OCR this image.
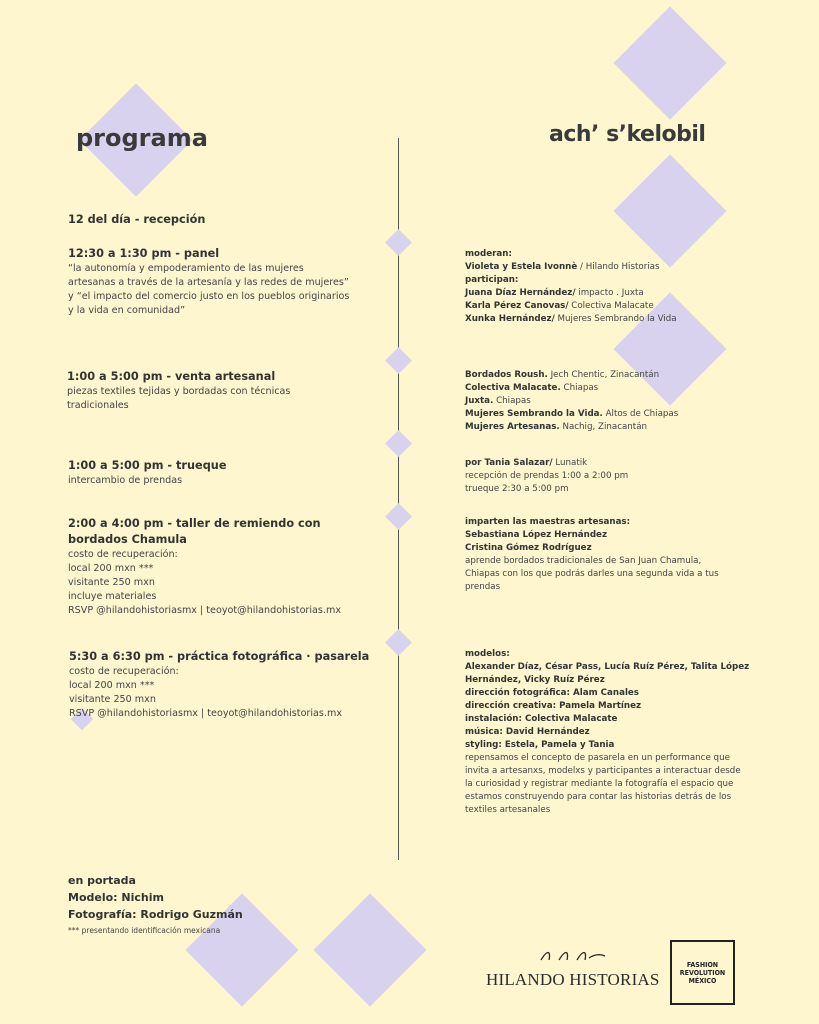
programa	ach’ s’kelobil
12 del día - recepción
12:30 a 1:30 pm - panel
“la autonomía y empoderamiento de las mujeres
artesanas a través de la artesanía y las redes de mujeres”
y “el impacto del comercio justo en los pueblos originarios
y la vida en comunidad”
1:00 a 5:00 pm - venta artesanal
piezas textiles tejidas y bordadas con técnicas
tradicionales
1:00 a 5:00 pm - trueque
intercambio de prendas
2:00 a 4:00 pm - taller de remiendo con
bordados Chamula
costo de recuperación:
local 200 mxn ***
visitante 250 mxn
incluye materiales
RSVP @hilandohistoriasmx | teoyot@hilandohistorias.mx
5:30 a 6:30 pm - práctica fotográfica · pasarela
costo de recuperación:
local 200 mxn ***
visitante 250 mxn
RSVP @hilandohistoriasmx | teoyot@hilandohistorias.mx
moderan:
Violeta y Estela Ivonnè / Hilando Historias
participan:
Juana Díaz Hernández/ impacto . Juxta
Karla Pérez Canovas/ Colectiva Malacate
Xunka Hernández/ Mujeres Sembrando la Vida
Bordados Roush. Jech Chentic, Zinacantán
Colectiva Malacate. Chiapas
Juxta. Chiapas
Mujeres Sembrando la Vida. Altos de Chiapas
Mujeres Artesanas. Nachig, Zinacantán
por Tania Salazar/ Lunatik
recepción de prendas 1:00 a 2:00 pm
trueque 2:30 a 5:00 pm
imparten las maestras artesanas:
Sebastiana López Hernández
Cristina Gómez Rodríguez
aprende bordados tradicionales de San Juan Chamula,
Chiapas con los que podrás darles una segunda vida a tus
prendas
modelos:
Alexander Díaz, César Pass, Lucía Ruíz Pérez, Talita López
Hernández, Vicky Ruíz Pérez
dirección fotográfica: Alam Canales
dirección creativa: Pamela Martínez
instalación: Colectiva Malacate
música: David Hernández
styling: Estela, Pamela y Tania
repensamos el concepto de pasarela en un performance que
invita a artesanxs, modelxs y participantes a interactuar desde
la curiosidad y registrar mediante la fotografía el espacio que
estamos construyendo para contar las historias detrás de los
textiles artesanales
en portada
Modelo: Nichim
Fotografía: Rodrigo Guzmán
*** presentando identificación mexicana
HILANDO HISTORIAS
FASHION
REVOLUTION
MÉXICO
